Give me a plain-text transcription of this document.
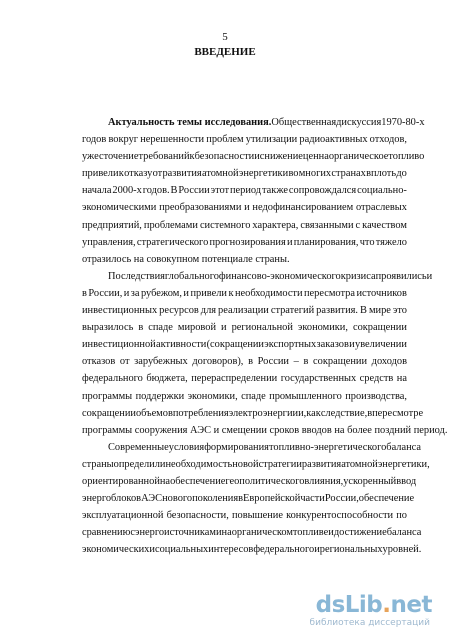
5
ВВЕДЕНИЕ
Актуальность темы исследования. Общественная дискуссия 1970-80-х
годов вокруг нерешенности проблем утилизации радиоактивных отходов,
ужесточение требований к безопасности и снижение цен на органическое топливо
привели к отказу от развития атомной энергетики во многих странах вплоть до
начала 2000-х годов. В России этот период также сопровождался социально-
экономическими преобразованиями и недофинансированием отраслевых
предприятий, проблемами системного характера, связанными с качеством
управления, стратегического прогнозирования и планирования, что тяжело
отразилось на совокупном потенциале страны.
Последствия глобального финансово-экономического кризиса проявились и
в России, и за рубежом, и привели к необходимости пересмотра источников
инвестиционных ресурсов для реализации стратегий развития. В мире это
выразилось в спаде мировой и региональной экономики, сокращении
инвестиционной активности (сокращении экспортных заказов и увеличении
отказов от зарубежных договоров), в России – в сокращении доходов
федерального бюджета, перераспределении государственных средств на
программы поддержки экономики, спаде промышленного производства,
сокращении объемов потребления электроэнергии и, как следствие, в пересмотре
программы сооружения АЭС и смещении сроков вводов на более поздний период.
Современные условия формирования топливно-энергетического баланса
страны определили необходимость новой стратегии развития атомной энергетики,
ориентированной на обеспечение геополитического влияния, ускоренный ввод
энергоблоков АЭС нового поколения в Европейской части России, обеспечение
эксплуатационной безопасности, повышение конкурентоспособности по
сравнению с энергоисточниками на органическом топливе и достижение баланса
экономических и социальных интересов федерального и региональных уровней.
dsLib.net
библиотека диссертаций
